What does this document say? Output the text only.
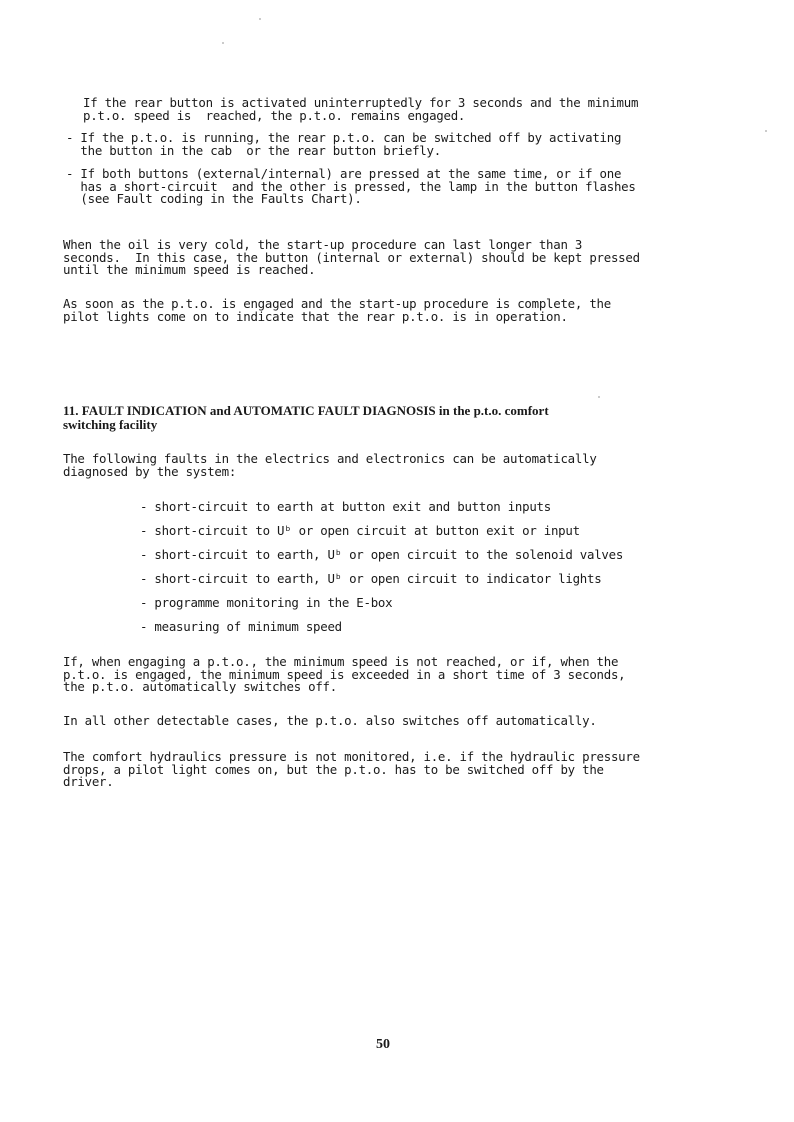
If the rear button is activated uninterruptedly for 3 seconds and the minimum
p.t.o. speed is  reached, the p.t.o. remains engaged.
- If the p.t.o. is running, the rear p.t.o. can be switched off by activating
the button in the cab  or the rear button briefly.
- If both buttons (external/internal) are pressed at the same time, or if one
has a short-circuit  and the other is pressed, the lamp in the button flashes
(see Fault coding in the Faults Chart).
When the oil is very cold, the start-up procedure can last longer than 3
seconds.  In this case, the button (internal or external) should be kept pressed
until the minimum speed is reached.
As soon as the p.t.o. is engaged and the start-up procedure is complete, the
pilot lights come on to indicate that the rear p.t.o. is in operation.
11. FAULT INDICATION and AUTOMATIC FAULT DIAGNOSIS in the p.t.o. comfort
switching facility
The following faults in the electrics and electronics can be automatically
diagnosed by the system:
- short-circuit to earth at button exit and button inputs
- short-circuit to Uᵇ or open circuit at button exit or input
- short-circuit to earth, Uᵇ or open circuit to the solenoid valves
- short-circuit to earth, Uᵇ or open circuit to indicator lights
- programme monitoring in the E-box
- measuring of minimum speed
If, when engaging a p.t.o., the minimum speed is not reached, or if, when the
p.t.o. is engaged, the minimum speed is exceeded in a short time of 3 seconds,
the p.t.o. automatically switches off.
In all other detectable cases, the p.t.o. also switches off automatically.
The comfort hydraulics pressure is not monitored, i.e. if the hydraulic pressure
drops, a pilot light comes on, but the p.t.o. has to be switched off by the
driver.
50
